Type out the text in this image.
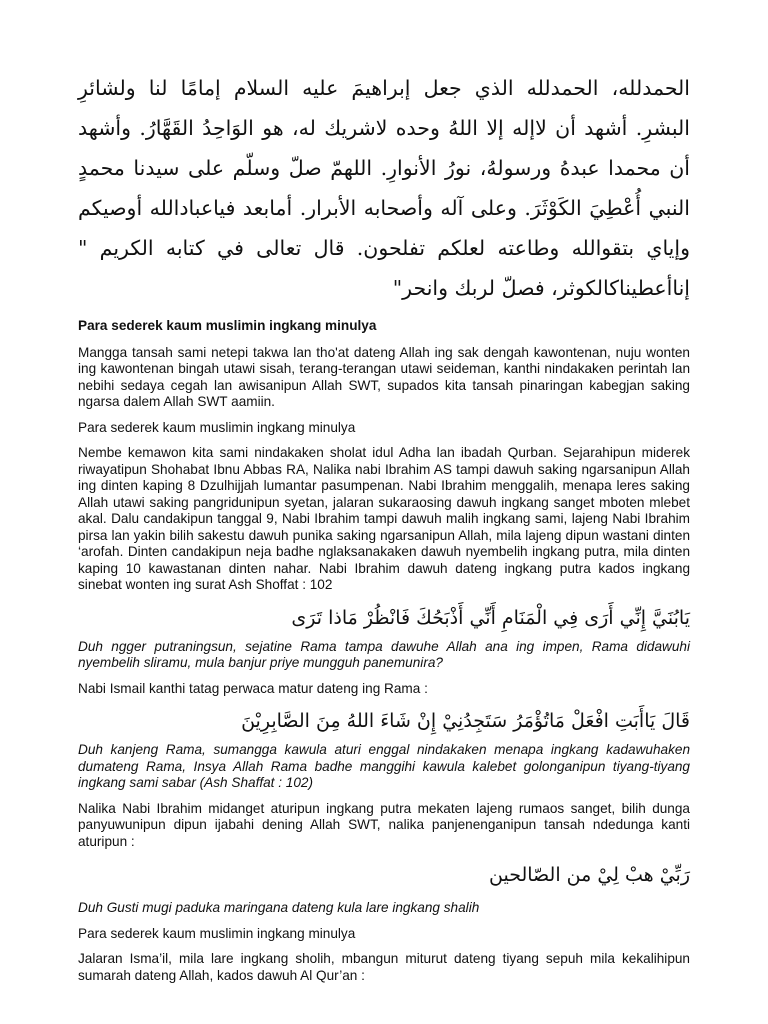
الحمدلله، الحمدلله الذي جعل إبراهيمَ عليه السلام إمامًا لنا ولشائرِ البشرِ. أشهد أن لاإله إلا اللهُ وحده لاشريك له، هو الوَاحِدُ القَهَّارُ. وأشهد أن محمدا عبدهُ ورسولهُ، نورُ الأنوارِ. اللهمّ صلّ وسلّم على سيدنا محمدٍ النبي أُعْطِيَ الكَوْثَرَ. وعلى آله وأصحابه الأبرار. أمابعد فياعبادالله أوصيكم وإياي بتقوالله وطاعته لعلكم تفلحون. قال تعالى في كتابه الكريم " إناأعطيناكالكوثر، فصلّ لربك وانحر"

Para sederek kaum muslimin ingkang minulya

Mangga tansah sami netepi takwa lan tho'at dateng Allah ing sak dengah kawontenan, nuju wonten ing kawontenan bingah utawi sisah, terang-terangan utawi seideman, kanthi nindakaken perintah lan nebihi sedaya cegah lan awisanipun Allah SWT, supados kita tansah pinaringan kabegjan saking ngarsa dalem Allah SWT aamiin.

Para sederek kaum muslimin ingkang minulya

Nembe kemawon kita sami nindakaken sholat idul Adha lan ibadah Qurban. Sejarahipun miderek riwayatipun Shohabat Ibnu Abbas RA, Nalika nabi Ibrahim AS tampi dawuh saking ngarsanipun Allah ing dinten kaping 8 Dzulhijjah lumantar pasumpenan. Nabi Ibrahim menggalih, menapa leres saking Allah utawi saking pangridunipun syetan, jalaran sukaraosing dawuh ingkang sanget mboten mlebet akal. Dalu candakipun tanggal 9, Nabi Ibrahim tampi dawuh malih ingkang sami, lajeng Nabi Ibrahim pirsa lan yakin bilih sakestu dawuh punika saking ngarsanipun Allah, mila lajeng dipun wastani dinten ‘arofah. Dinten candakipun neja badhe nglaksanakaken dawuh nyembelih ingkang putra, mila dinten kaping 10 kawastanan dinten nahar. Nabi Ibrahim dawuh dateng ingkang putra kados ingkang sinebat wonten ing surat Ash Shoffat : 102

يَابُنَيَّ إِنِّي أَرَى فِي الْمَنَامِ أَنِّي أَذْبَحُكَ فَانْظُرْ مَاذا تَرَى

Duh ngger putraningsun, sejatine Rama tampa dawuhe Allah ana ing impen, Rama didawuhi nyembelih sliramu, mula banjur priye mungguh panemunira?

Nabi Ismail kanthi tatag perwaca matur dateng ing Rama :

قَالَ يَاأَبَتِ افْعَلْ مَاتُؤْمَرُ سَتَجِدُنِيْ إِنْ شَاءَ اللهُ مِنَ الصَّابِرِيْنَ

Duh kanjeng Rama, sumangga kawula aturi enggal nindakaken menapa ingkang kadawuhaken dumateng Rama, Insya Allah Rama badhe manggihi kawula kalebet golonganipun tiyang-tiyang ingkang sami sabar (Ash Shaffat : 102)

Nalika Nabi Ibrahim midanget aturipun ingkang putra mekaten lajeng rumaos sanget, bilih dunga panyuwunipun dipun ijabahi dening Allah SWT, nalika panjenenganipun tansah ndedunga kanti aturipun :

رَبِّيْ هبْ لِيْ من الصّالحين

Duh Gusti mugi paduka maringana dateng kula lare ingkang shalih

Para sederek kaum muslimin ingkang minulya

Jalaran Isma’il, mila lare ingkang sholih, mbangun miturut dateng tiyang sepuh mila kekalihipun sumarah dateng Allah, kados dawuh Al Qur’an :
